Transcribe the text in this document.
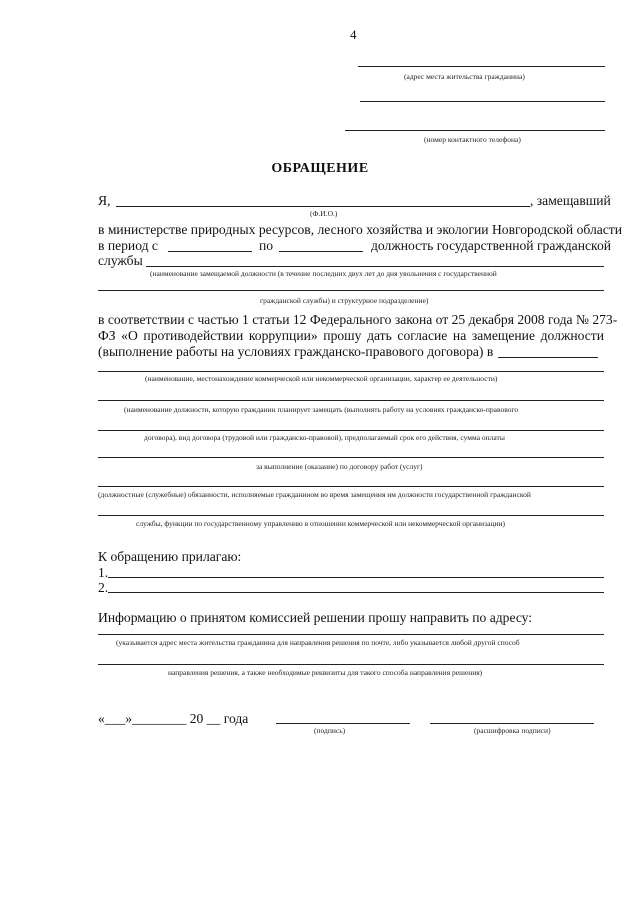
4
(адрес места жительства гражданина)
(номер контактного телефона)
ОБРАЩЕНИЕ
Я,	, замещавший
(Ф.И.О.)
в министерстве природных ресурсов, лесного хозяйства и экологии Новгородской области
в период с	по	должность государственной гражданской
службы
(наименование замещаемой должности (в течение последних двух лет до дня увольнения с государственной
гражданской службы) и структурное подразделение)
в соответствии с частью 1 статьи 12 Федерального закона от 25 декабря 2008 года № 273-
ФЗ «О противодействии коррупции» прошу дать согласие на замещение должности
(выполнение работы на условиях гражданско-правового договора) в
(наименование, местонахождение коммерческой или некоммерческой организации, характер ее деятельности)
(наименование должности, которую гражданин планирует замещать (выполнять работу на условиях гражданско-правового
договора), вид договора (трудовой или гражданско-правовой), предполагаемый срок его действия, сумма оплаты
за выполнение (оказание) по договору работ (услуг)
(должностные (служебные) обязанности, исполняемые гражданином во время замещения им должности государственной гражданской
службы, функции по государственному управлению в отношении коммерческой или некоммерческой организации)
К обращению прилагаю:
1.
2.
Информацию о принятом комиссией решении прошу направить по адресу:
(указывается адрес места жительства гражданина для направления решения по почте, либо указывается любой другой способ
направления решения, а также необходимые реквизиты для такого способа направления решения)
«___»________ 20 __ года
(подпись)	(расшифровка подписи)
